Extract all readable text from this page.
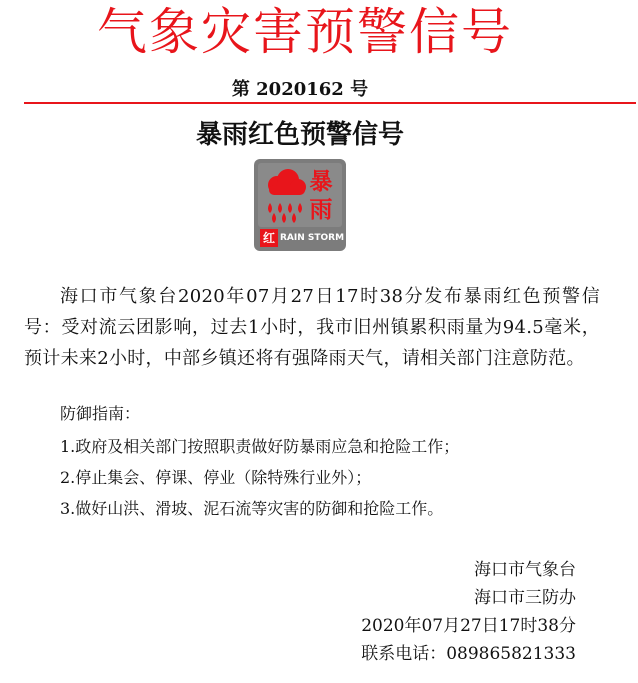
气象灾害预警信号
第 2020162 号
暴雨红色预警信号
暴
雨
红 RAIN STORM
海口市气象台2020年07月27日17时38分发布暴雨红色预警信号：受对流云团影响，过去1小时，我市旧州镇累积雨量为94.5毫米，预计未来2小时，中部乡镇还将有强降雨天气，请相关部门注意防范。
防御指南：
1.政府及相关部门按照职责做好防暴雨应急和抢险工作；
2.停止集会、停课、停业（除特殊行业外）；
3.做好山洪、滑坡、泥石流等灾害的防御和抢险工作。
海口市气象台
海口市三防办
2020年07月27日17时38分
联系电话：089865821333
